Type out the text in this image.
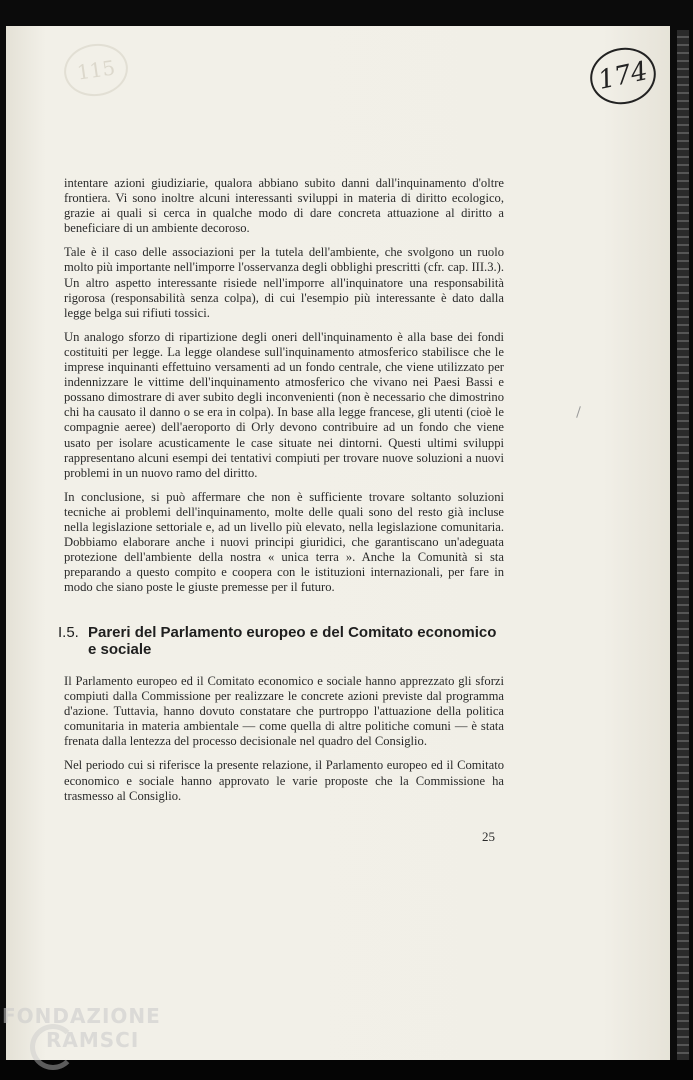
115	174

intentare azioni giudiziarie, qualora abbiano subito danni dall'inquinamento d'oltre frontiera. Vi sono inoltre alcuni interessanti sviluppi in materia di diritto ecologico, grazie ai quali si cerca in qualche modo di dare concreta attuazione al diritto a beneficiare di un ambiente decoroso.

Tale è il caso delle associazioni per la tutela dell'ambiente, che svolgono un ruolo molto più importante nell'imporre l'osservanza degli obblighi prescritti (cfr. cap. III.3.). Un altro aspetto interessante risiede nell'imporre all'inquinatore una responsabilità rigorosa (responsabilità senza colpa), di cui l'esempio più interessante è dato dalla legge belga sui rifiuti tossici.

Un analogo sforzo di ripartizione degli oneri dell'inquinamento è alla base dei fondi costituiti per legge. La legge olandese sull'inquinamento atmosferico stabilisce che le imprese inquinanti effettuino versamenti ad un fondo centrale, che viene utilizzato per indennizzare le vittime dell'inquinamento atmosferico che vivano nei Paesi Bassi e possano dimostrare di aver subito degli inconvenienti (non è necessario che dimostrino chi ha causato il danno o se era in colpa). In base alla legge francese, gli utenti (cioè le compagnie aeree) dell'aeroporto di Orly devono contribuire ad un fondo che viene usato per isolare acusticamente le case situate nei dintorni. Questi ultimi sviluppi rappresentano alcuni esempi dei tentativi compiuti per trovare nuove soluzioni a nuovi problemi in un nuovo ramo del diritto.

In conclusione, si può affermare che non è sufficiente trovare soltanto soluzioni tecniche ai problemi dell'inquinamento, molte delle quali sono del resto già incluse nella legislazione settoriale e, ad un livello più elevato, nella legislazione comunitaria. Dobbiamo elaborare anche i nuovi principi giuridici, che garantiscano un'adeguata protezione dell'ambiente della nostra « unica terra ». Anche la Comunità si sta preparando a questo compito e coopera con le istituzioni internazionali, per fare in modo che siano poste le giuste premesse per il futuro.

I.5. Pareri del Parlamento europeo e del Comitato economico e sociale

Il Parlamento europeo ed il Comitato economico e sociale hanno apprezzato gli sforzi compiuti dalla Commissione per realizzare le concrete azioni previste dal programma d'azione. Tuttavia, hanno dovuto constatare che purtroppo l'attuazione della politica comunitaria in materia ambientale — come quella di altre politiche comuni — è stata frenata dalla lentezza del processo decisionale nel quadro del Consiglio.

Nel periodo cui si riferisce la presente relazione, il Parlamento europeo ed il Comitato economico e sociale hanno approvato le varie proposte che la Commissione ha trasmesso al Consiglio.

25
FONDAZIONE
RAMSCI
